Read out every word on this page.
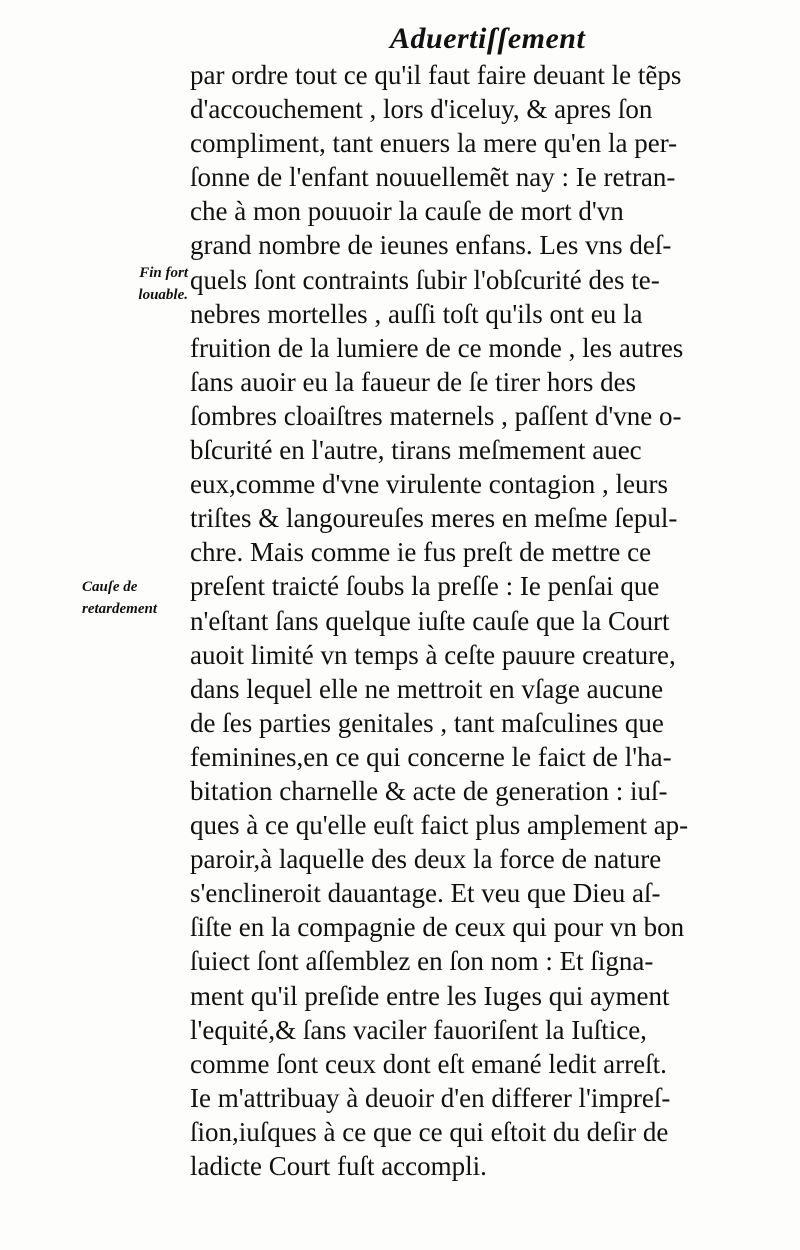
Aduertiſſement
Fin fort
louable.
Cauſe de
retardement
par ordre tout ce qu'il faut faire deuant le tẽps
d'accouchement , lors d'iceluy, & apres ſon
compliment, tant enuers la mere qu'en la per-
ſonne de l'enfant nouuellemẽt nay : Ie retran-
che à mon pouuoir la cauſe de mort d'vn
grand nombre de ieunes enfans. Les vns deſ-
quels ſont contraints ſubir l'obſcurité des te-
nebres mortelles , auſſi toſt qu'ils ont eu la
fruition de la lumiere de ce monde , les autres
ſans auoir eu la faueur de ſe tirer hors des
ſombres cloaiſtres maternels , paſſent d'vne o-
bſcurité en l'autre, tirans meſmement auec
eux,comme d'vne virulente contagion , leurs
triſtes & langoureuſes meres en meſme ſepul-
chre. Mais comme ie fus preſt de mettre ce
preſent traicté ſoubs la preſſe : Ie penſai que
n'eſtant ſans quelque iuſte cauſe que la Court
auoit limité vn temps à ceſte pauure creature,
dans lequel elle ne mettroit en vſage aucune
de ſes parties genitales , tant maſculines que
feminines,en ce qui concerne le faict de l'ha-
bitation charnelle & acte de generation : iuſ-
ques à ce qu'elle euſt faict plus amplement ap-
paroir,à laquelle des deux la force de nature
s'enclineroit dauantage. Et veu que Dieu aſ-
ſiſte en la compagnie de ceux qui pour vn bon
ſuiect ſont aſſemblez en ſon nom : Et ſigna-
ment qu'il preſide entre les Iuges qui ayment
l'equité,& ſans vaciler fauoriſent la Iuſtice,
comme ſont ceux dont eſt emané ledit arreſt.
Ie m'attribuay à deuoir d'en differer l'impreſ-
ſion,iuſques à ce que ce qui eſtoit du deſir de
ladicte Court fuſt accompli.
